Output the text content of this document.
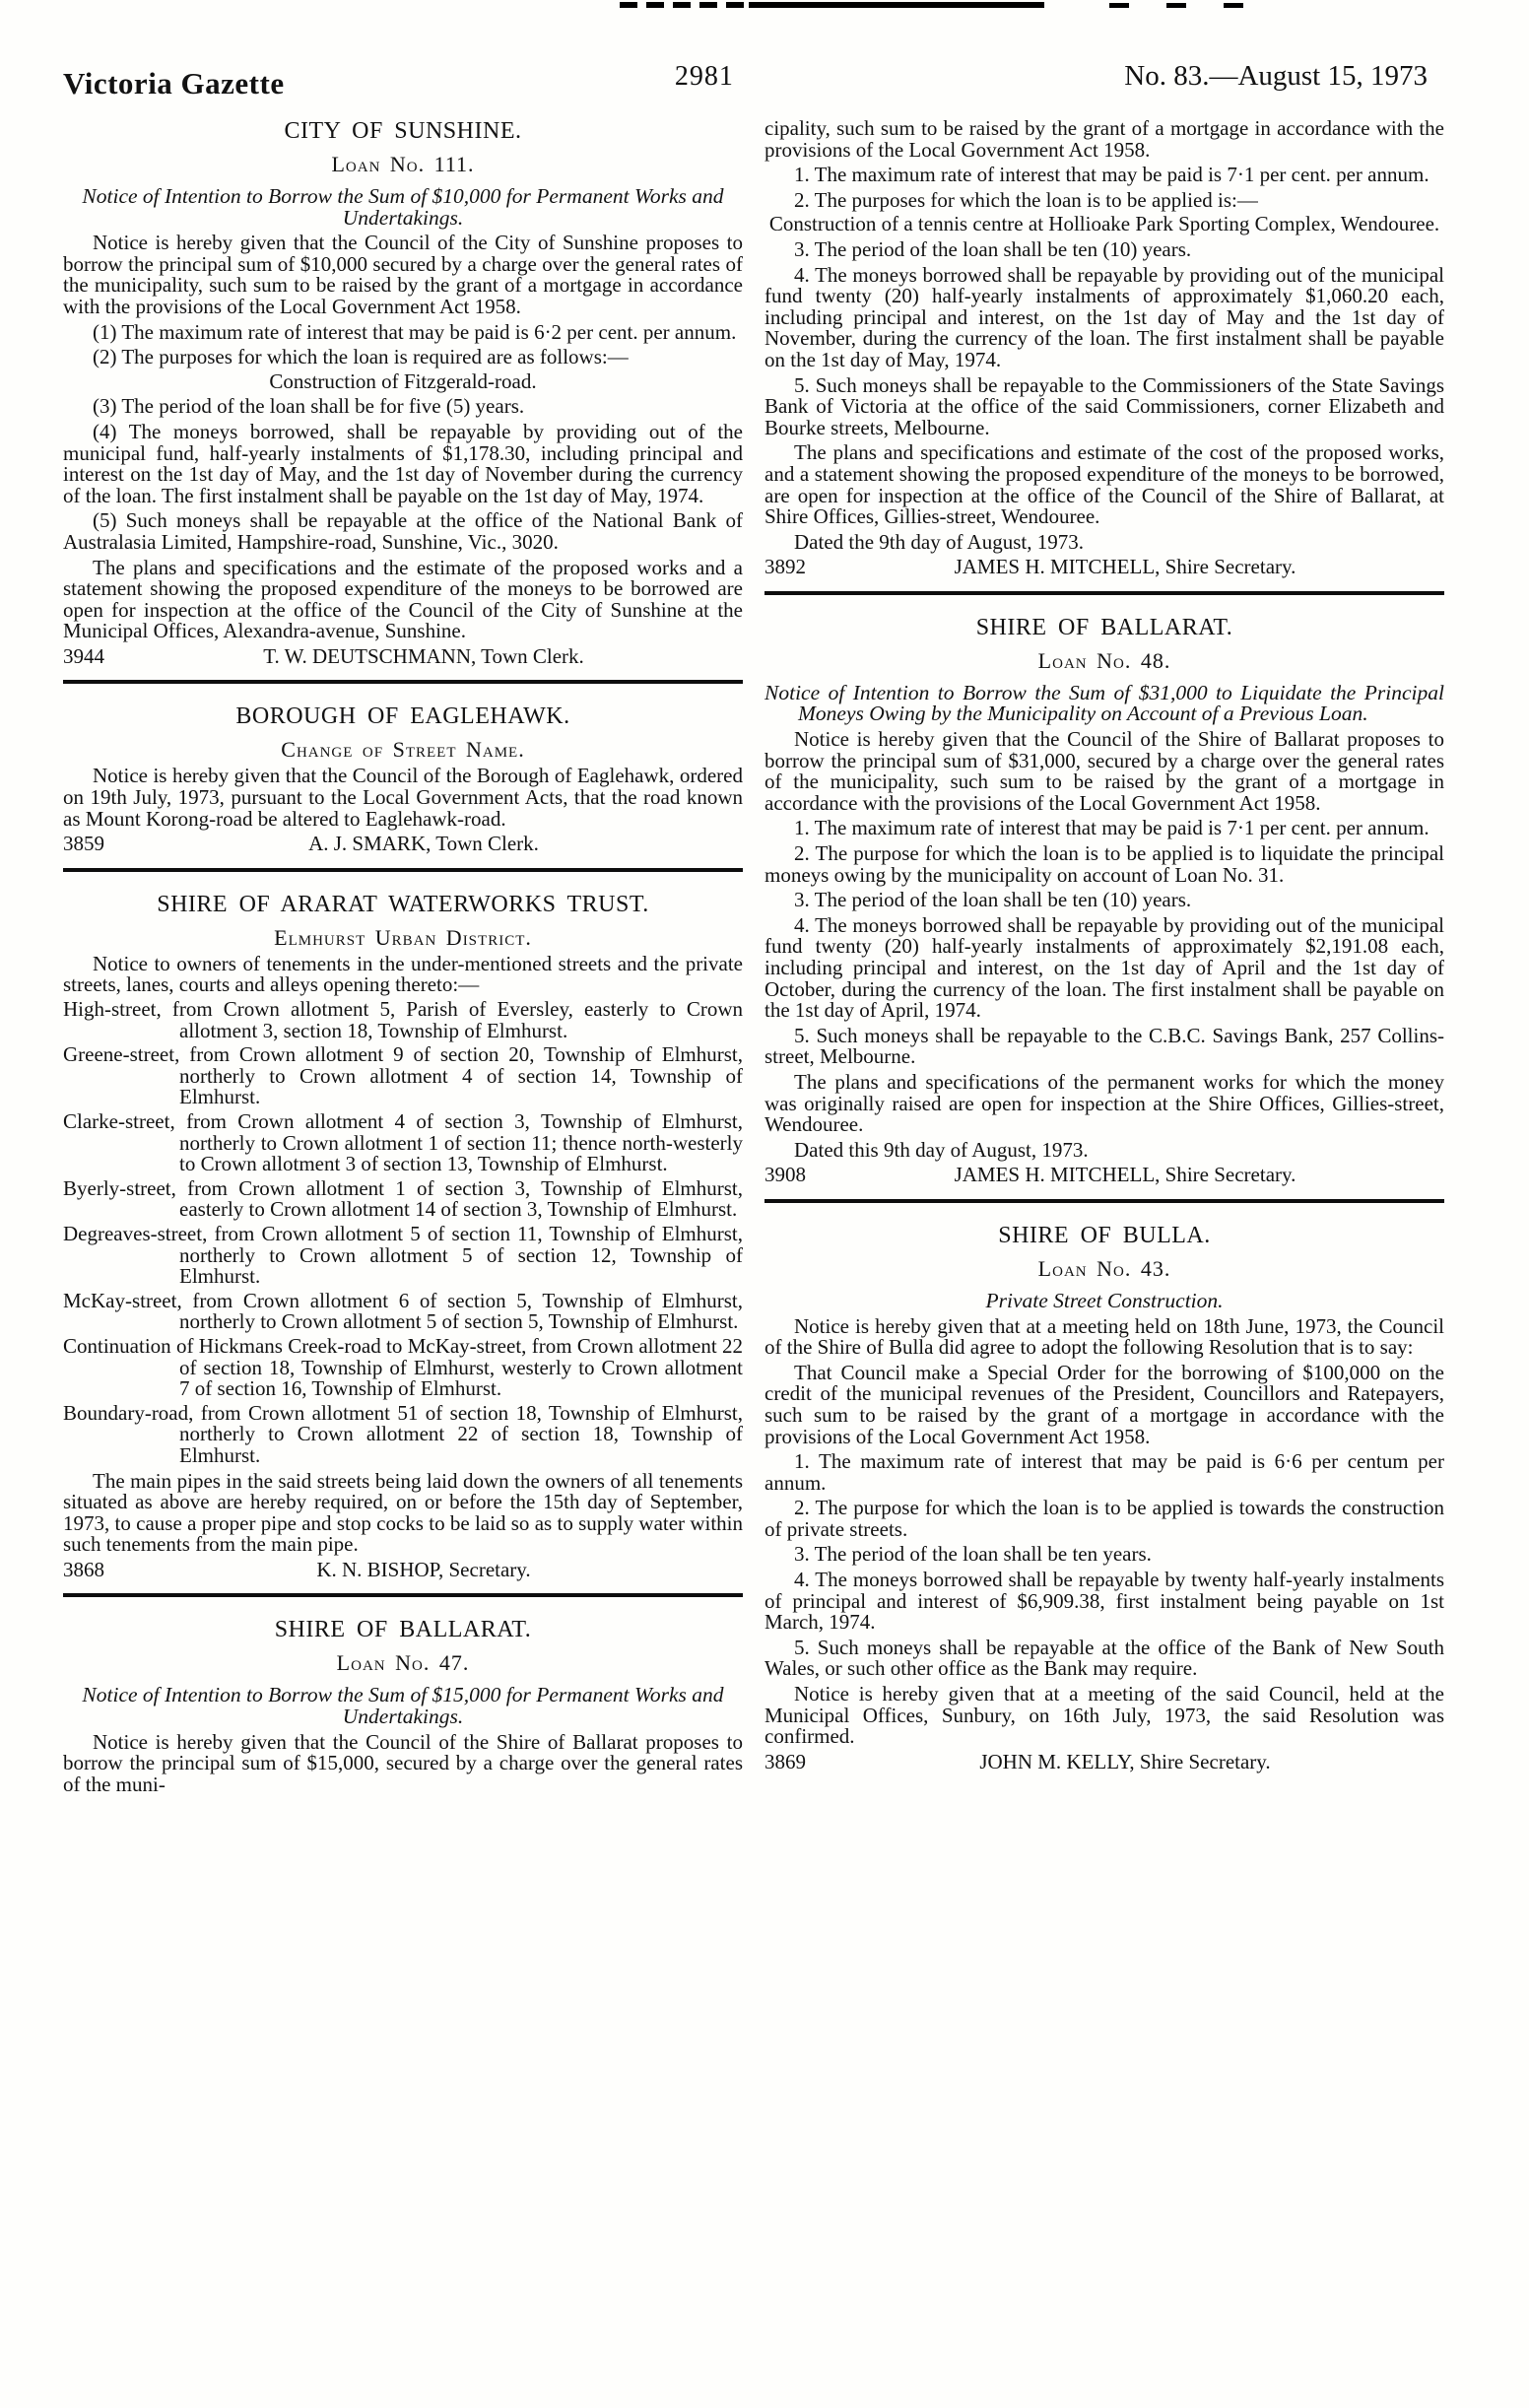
Victoria Gazette	2981	No. 83.—August 15, 1973
CITY OF SUNSHINE.
Loan No. 111.
Notice of Intention to Borrow the Sum of $10,000 for Permanent Works and Undertakings.
Notice is hereby given that the Council of the City of Sunshine proposes to borrow the principal sum of $10,000 secured by a charge over the general rates of the municipality, such sum to be raised by the grant of a mortgage in accordance with the provisions of the Local Government Act 1958.
(1) The maximum rate of interest that may be paid is 6·2 per cent. per annum.
(2) The purposes for which the loan is required are as follows:—
Construction of Fitzgerald-road.
(3) The period of the loan shall be for five (5) years.
(4) The moneys borrowed, shall be repayable by providing out of the municipal fund, half-yearly instalments of $1,178.30, including principal and interest on the 1st day of May, and the 1st day of November during the currency of the loan. The first instalment shall be payable on the 1st day of May, 1974.
(5) Such moneys shall be repayable at the office of the National Bank of Australasia Limited, Hampshire-road, Sunshine, Vic., 3020.
The plans and specifications and the estimate of the proposed works and a statement showing the proposed expenditure of the moneys to be borrowed are open for inspection at the office of the Council of the City of Sunshine at the Municipal Offices, Alexandra-avenue, Sunshine.
3944	T. W. DEUTSCHMANN, Town Clerk.
BOROUGH OF EAGLEHAWK.
Change of Street Name.
Notice is hereby given that the Council of the Borough of Eaglehawk, ordered on 19th July, 1973, pursuant to the Local Government Acts, that the road known as Mount Korong-road be altered to Eaglehawk-road.
3859	A. J. SMARK, Town Clerk.
SHIRE OF ARARAT WATERWORKS TRUST.
Elmhurst Urban District.
Notice to owners of tenements in the under-mentioned streets and the private streets, lanes, courts and alleys opening thereto:—
High-street, from Crown allotment 5, Parish of Eversley, easterly to Crown allotment 3, section 18, Township of Elmhurst.
Greene-street, from Crown allotment 9 of section 20, Township of Elmhurst, northerly to Crown allotment 4 of section 14, Township of Elmhurst.
Clarke-street, from Crown allotment 4 of section 3, Township of Elmhurst, northerly to Crown allotment 1 of section 11; thence north-westerly to Crown allotment 3 of section 13, Township of Elmhurst.
Byerly-street, from Crown allotment 1 of section 3, Township of Elmhurst, easterly to Crown allotment 14 of section 3, Township of Elmhurst.
Degreaves-street, from Crown allotment 5 of section 11, Township of Elmhurst, northerly to Crown allotment 5 of section 12, Township of Elmhurst.
McKay-street, from Crown allotment 6 of section 5, Township of Elmhurst, northerly to Crown allotment 5 of section 5, Township of Elmhurst.
Continuation of Hickmans Creek-road to McKay-street, from Crown allotment 22 of section 18, Township of Elmhurst, westerly to Crown allotment 7 of section 16, Township of Elmhurst.
Boundary-road, from Crown allotment 51 of section 18, Township of Elmhurst, northerly to Crown allotment 22 of section 18, Township of Elmhurst.
The main pipes in the said streets being laid down the owners of all tenements situated as above are hereby required, on or before the 15th day of September, 1973, to cause a proper pipe and stop cocks to be laid so as to supply water within such tenements from the main pipe.
3868	K. N. BISHOP, Secretary.
SHIRE OF BALLARAT.
Loan No. 47.
Notice of Intention to Borrow the Sum of $15,000 for Permanent Works and Undertakings.
Notice is hereby given that the Council of the Shire of Ballarat proposes to borrow the principal sum of $15,000, secured by a charge over the general rates of the muni-
cipality, such sum to be raised by the grant of a mortgage in accordance with the provisions of the Local Government Act 1958.
1. The maximum rate of interest that may be paid is 7·1 per cent. per annum.
2. The purposes for which the loan is to be applied is:—
Construction of a tennis centre at Hollioake Park Sporting Complex, Wendouree.
3. The period of the loan shall be ten (10) years.
4. The moneys borrowed shall be repayable by providing out of the municipal fund twenty (20) half-yearly instalments of approximately $1,060.20 each, including principal and interest, on the 1st day of May and the 1st day of November, during the currency of the loan. The first instalment shall be payable on the 1st day of May, 1974.
5. Such moneys shall be repayable to the Commissioners of the State Savings Bank of Victoria at the office of the said Commissioners, corner Elizabeth and Bourke streets, Melbourne.
The plans and specifications and estimate of the cost of the proposed works, and a statement showing the proposed expenditure of the moneys to be borrowed, are open for inspection at the office of the Council of the Shire of Ballarat, at Shire Offices, Gillies-street, Wendouree.
Dated the 9th day of August, 1973.
3892	JAMES H. MITCHELL, Shire Secretary.
SHIRE OF BALLARAT.
Loan No. 48.
Notice of Intention to Borrow the Sum of $31,000 to Liquidate the Principal Moneys Owing by the Municipality on Account of a Previous Loan.
Notice is hereby given that the Council of the Shire of Ballarat proposes to borrow the principal sum of $31,000, secured by a charge over the general rates of the municipality, such sum to be raised by the grant of a mortgage in accordance with the provisions of the Local Government Act 1958.
1. The maximum rate of interest that may be paid is 7·1 per cent. per annum.
2. The purpose for which the loan is to be applied is to liquidate the principal moneys owing by the municipality on account of Loan No. 31.
3. The period of the loan shall be ten (10) years.
4. The moneys borrowed shall be repayable by providing out of the municipal fund twenty (20) half-yearly instalments of approximately $2,191.08 each, including principal and interest, on the 1st day of April and the 1st day of October, during the currency of the loan. The first instalment shall be payable on the 1st day of April, 1974.
5. Such moneys shall be repayable to the C.B.C. Savings Bank, 257 Collins-street, Melbourne.
The plans and specifications of the permanent works for which the money was originally raised are open for inspection at the Shire Offices, Gillies-street, Wendouree.
Dated this 9th day of August, 1973.
3908	JAMES H. MITCHELL, Shire Secretary.
SHIRE OF BULLA.
Loan No. 43.
Private Street Construction.
Notice is hereby given that at a meeting held on 18th June, 1973, the Council of the Shire of Bulla did agree to adopt the following Resolution that is to say:
That Council make a Special Order for the borrowing of $100,000 on the credit of the municipal revenues of the President, Councillors and Ratepayers, such sum to be raised by the grant of a mortgage in accordance with the provisions of the Local Government Act 1958.
1. The maximum rate of interest that may be paid is 6·6 per centum per annum.
2. The purpose for which the loan is to be applied is towards the construction of private streets.
3. The period of the loan shall be ten years.
4. The moneys borrowed shall be repayable by twenty half-yearly instalments of principal and interest of $6,909.38, first instalment being payable on 1st March, 1974.
5. Such moneys shall be repayable at the office of the Bank of New South Wales, or such other office as the Bank may require.
Notice is hereby given that at a meeting of the said Council, held at the Municipal Offices, Sunbury, on 16th July, 1973, the said Resolution was confirmed.
3869	JOHN M. KELLY, Shire Secretary.
